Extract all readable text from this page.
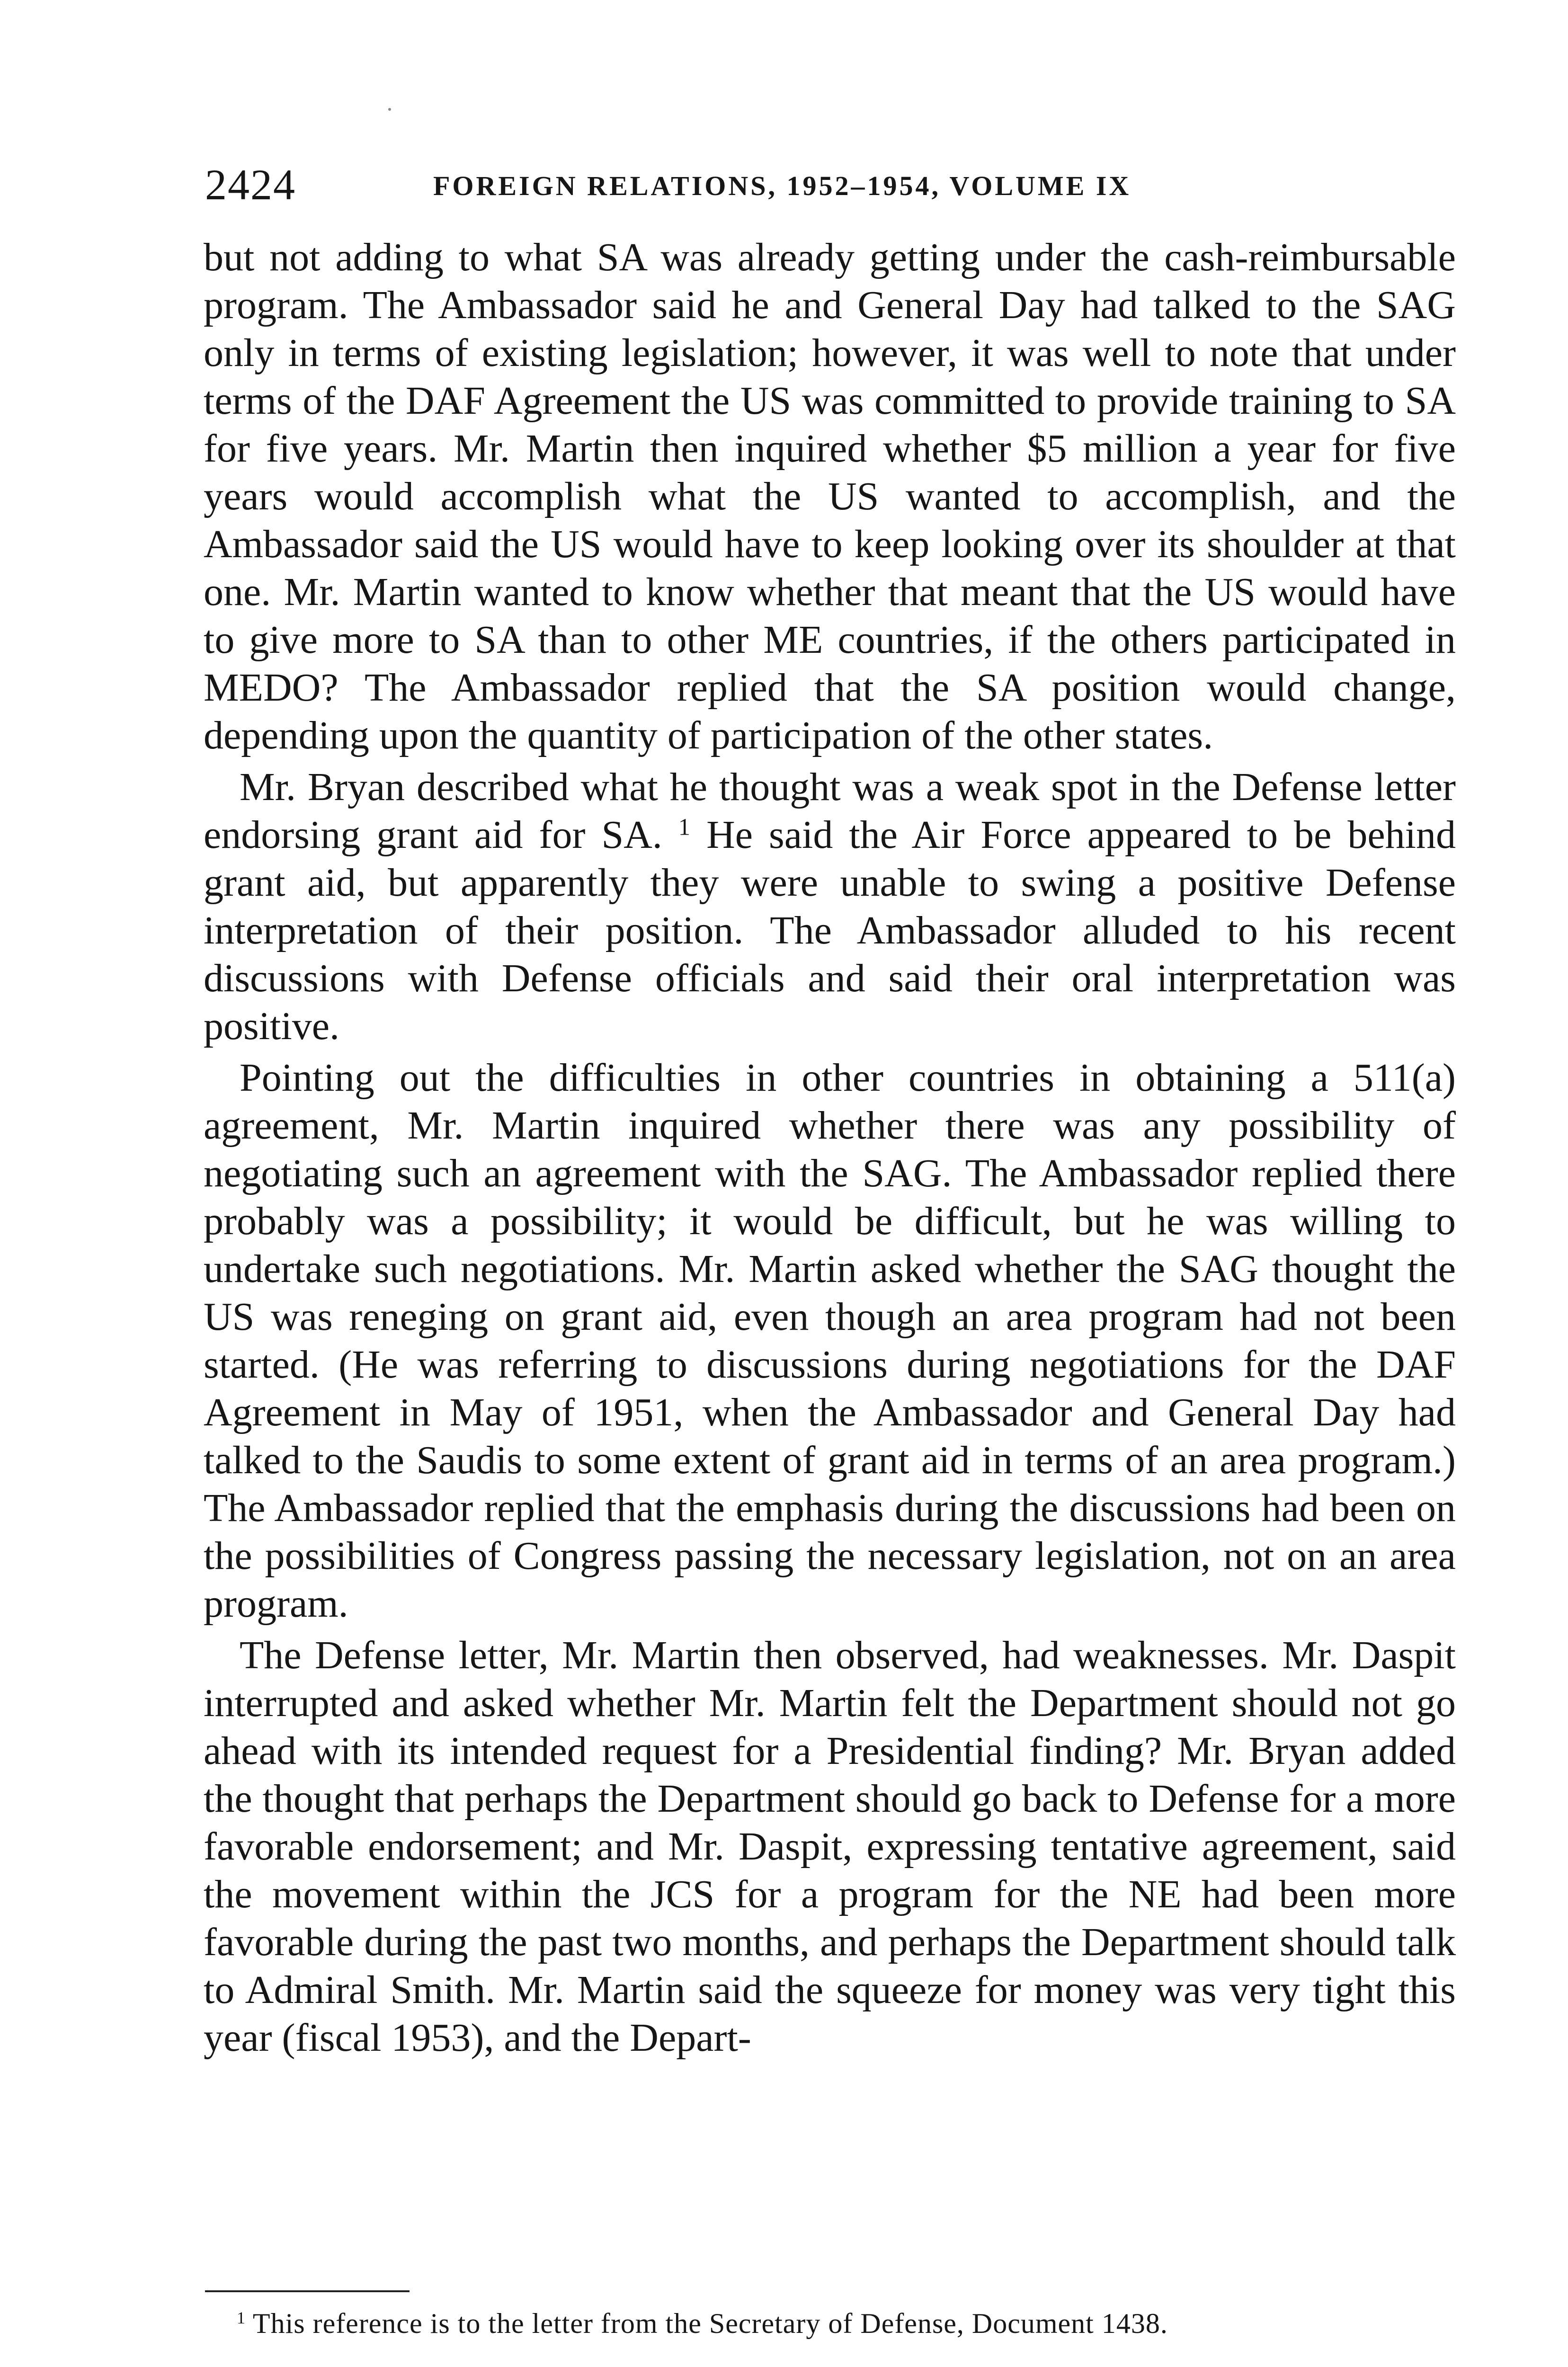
2424	FOREIGN RELATIONS, 1952–1954, VOLUME IX

but not adding to what SA was already getting under the cash-reimbursable program. The Ambassador said he and General Day had talked to the SAG only in terms of existing legislation; however, it was well to note that under terms of the DAF Agreement the US was committed to provide training to SA for five years. Mr. Martin then inquired whether $5 million a year for five years would accomplish what the US wanted to accomplish, and the Ambassador said the US would have to keep looking over its shoulder at that one. Mr. Martin wanted to know whether that meant that the US would have to give more to SA than to other ME countries, if the others participated in MEDO? The Ambassador replied that the SA position would change, depending upon the quantity of participation of the other states.

Mr. Bryan described what he thought was a weak spot in the Defense letter endorsing grant aid for SA. $^1$ He said the Air Force appeared to be behind grant aid, but apparently they were unable to swing a positive Defense interpretation of their position. The Ambassador alluded to his recent discussions with Defense officials and said their oral interpretation was positive.

Pointing out the difficulties in other countries in obtaining a 511(a) agreement, Mr. Martin inquired whether there was any possibility of negotiating such an agreement with the SAG. The Ambassador replied there probably was a possibility; it would be difficult, but he was willing to undertake such negotiations. Mr. Martin asked whether the SAG thought the US was reneging on grant aid, even though an area program had not been started. (He was referring to discussions during negotiations for the DAF Agreement in May of 1951, when the Ambassador and General Day had talked to the Saudis to some extent of grant aid in terms of an area program.) The Ambassador replied that the emphasis during the discussions had been on the possibilities of Congress passing the necessary legislation, not on an area program.

The Defense letter, Mr. Martin then observed, had weaknesses. Mr. Daspit interrupted and asked whether Mr. Martin felt the Department should not go ahead with its intended request for a Presidential finding? Mr. Bryan added the thought that perhaps the Department should go back to Defense for a more favorable endorsement; and Mr. Daspit, expressing tentative agreement, said the movement within the JCS for a program for the NE had been more favorable during the past two months, and perhaps the Department should talk to Admiral Smith. Mr. Martin said the squeeze for money was very tight this year (fiscal 1953), and the Depart-

$^1$ This reference is to the letter from the Secretary of Defense, Document 1438.
